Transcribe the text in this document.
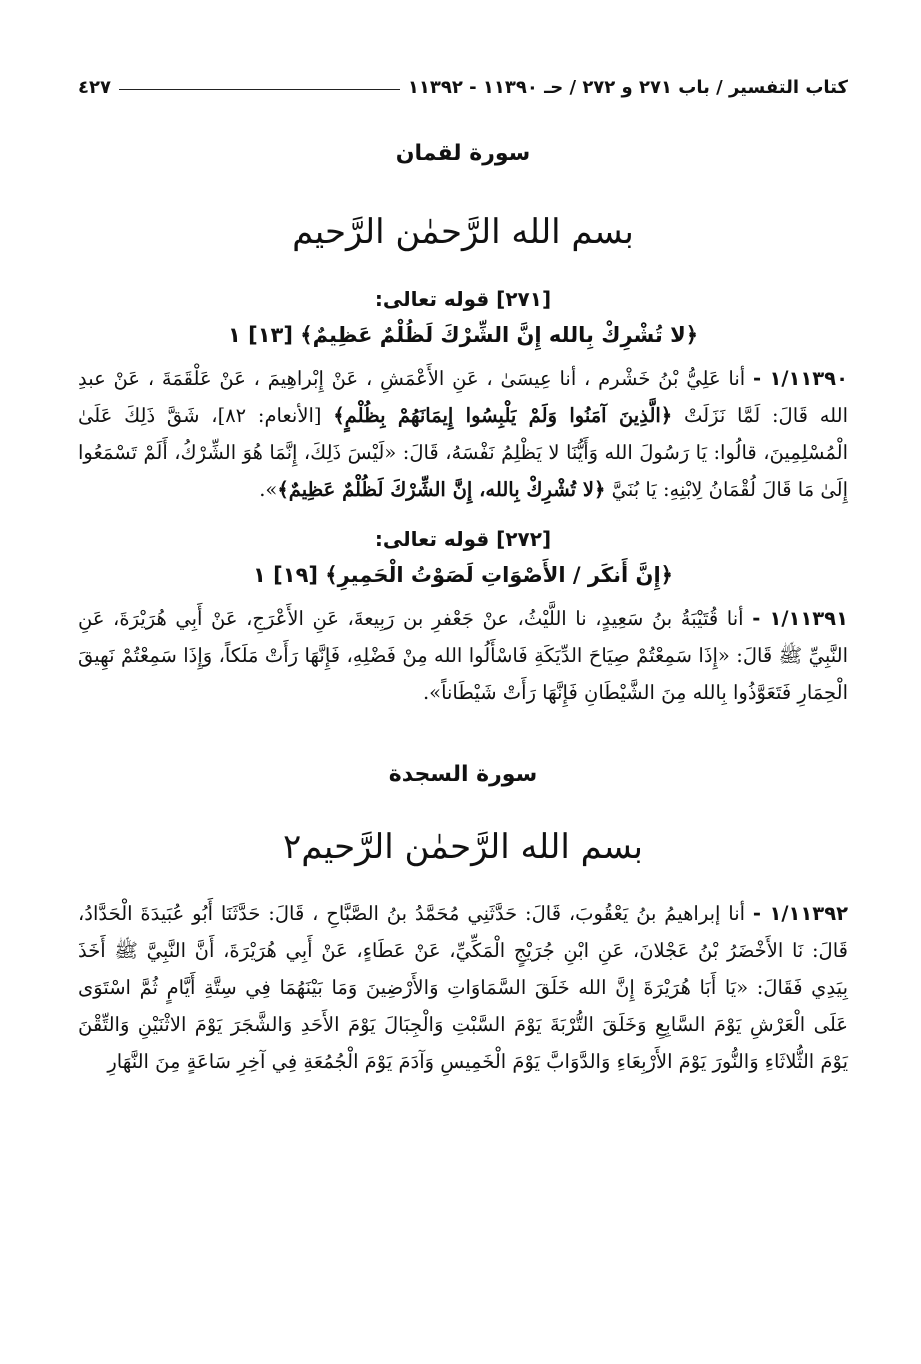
كتاب التفسير / باب ٢٧١ و ٢٧٢ / حـ ١١٣٩٠ - ١١٣٩٢
٤٢٧
سورة لقمان
بسم الله الرَّحمٰن الرَّحيم
[٢٧١] قوله تعالى:
﴿لا تُشْرِكْ بِالله إِنَّ الشِّرْكَ لَظُلْمٌ عَظِيمٌ﴾ [١٣] ١

١/١١٣٩٠ - أنا عَلِيُّ بْنُ خَشْرم ، أنا عِيسَىٰ ، عَنِ الأَعْمَشِ ، عَنْ إِبْراهِيمَ ، عَنْ عَلْقَمَةَ ، عَنْ عبدِ الله قَالَ: لَمَّا نَزَلَتْ ﴿الَّذِينَ آمَنُوا وَلَمْ يَلْبِسُوا إِيمَانَهُمْ بِظُلْمٍ﴾ [الأنعام: ٨٢]، شَقَّ ذَلِكَ عَلَىٰ الْمُسْلِمِينَ، قالُوا: يَا رَسُولَ الله وَأَيُّنَا لا يَظْلِمُ نَفْسَهُ، قَالَ: «لَيْسَ ذَلِكَ، إِنَّمَا هُوَ الشِّرْكُ، أَلَمْ تَسْمَعُوا إِلَىٰ مَا قَالَ لُقْمَانُ لِابْنِهِ: يَا بُنَيَّ ﴿لا تُشْرِكْ بِالله، إِنَّ الشِّرْكَ لَظُلْمٌ عَظِيمٌ﴾».

[٢٧٢] قوله تعالى:
﴿إِنَّ أَنكَر / الأَصْوَاتِ لَصَوْتُ الْحَمِيرِ﴾ [١٩] ١

١/١١٣٩١ - أنا قُتَيْبَةُ بنُ سَعِيدٍ، نا اللَّيْثُ، عنْ جَعْفرِ بن رَبِيعةَ، عَنِ الأَعْرَجِ، عَنْ أَبِي هُرَيْرَةَ، عَنِ النَّبِيِّ ﷺ قَالَ: «إِذَا سَمِعْتُمْ صِيَاحَ الدِّيَكَةِ فَاسْأَلُوا الله مِنْ فَضْلِهِ، فَإِنَّهَا رَأَتْ مَلَكاً، وَإِذَا سَمِعْتُمْ نَهِيقَ الْحِمَارِ فَتَعَوَّذُوا بِالله مِنَ الشَّيْطَانِ فَإِنَّهَا رَأَتْ شَيْطَاناً».

سورة السجدة
بسم الله الرَّحمٰن الرَّحيم٢

١/١١٣٩٢ - أنا إبراهيمُ بنُ يَعْقُوبَ، قَالَ: حَدَّثَنِي مُحَمَّدُ بنُ الصَّبَّاحِ ، قَالَ: حَدَّثَنَا أَبُو عُبَيدَةَ الْحَدَّادُ، قَالَ: نَا الأَخْضَرُ بْنُ عَجْلانَ، عَنِ ابْنِ جُرَيْجٍ الْمَكِّيِّ، عَنْ عَطَاءٍ، عَنْ أَبِي هُرَيْرَةَ، أَنَّ النَّبِيَّ ﷺ أَخَذَ بِيَدِي فَقَالَ: «يَا أَبَا هُرَيْرَةَ إِنَّ الله خَلَقَ السَّمَاوَاتِ وَالأَرْضِينَ وَمَا بَيْنَهُمَا فِي سِتَّةِ أَيَّامٍ ثُمَّ اسْتَوَى عَلَى الْعَرْشِ يَوْمَ السَّابِعِ وَخَلَقَ التُّرْبَةَ يَوْمَ السَّبْتِ وَالْجِبَالَ يَوْمَ الأَحَدِ وَالشَّجَرَ يَوْمَ الاثْنَيْنِ وَالتِّقْنَ يَوْمَ الثُّلاثَاءِ وَالنُّورَ يَوْمَ الأَرْبِعَاءِ وَالدَّوَابَّ يَوْمَ الْخَمِيسِ وَآدَمَ يَوْمَ الْجُمُعَةِ فِي آخِرِ سَاعَةٍ مِنَ النَّهَارِ
